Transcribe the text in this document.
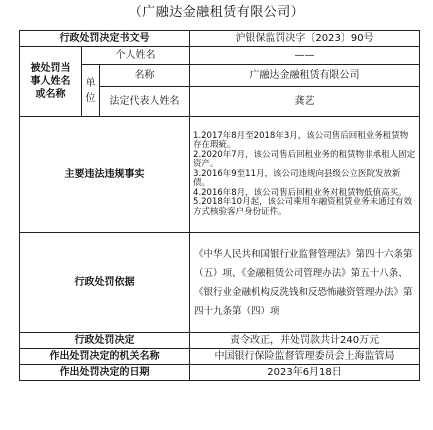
（广融达金融租赁有限公司）
行政处罚决定书文号			沪银保监罚决字〔2023〕90号

被处罚当
事人姓名
或名称	个人姓名		——

	单位	名称	广融达金融租赁有限公司
		法定代表人姓名	龚艺
主要违法违规事实			1.2017年8月至2018年3月，该公司售后回租业务租赁物存在瑕疵。
2.2020年7月，该公司售后回租业务的租赁物非承租人固定资产。
3.2016年9至11月，该公司违规向县级公立医院发放新债。
4.2016年8月，该公司售后回租业务对租赁物低值高买。
5.2018年10月起，该公司乘用车融资租赁业务未通过有效方式核验客户身份证件。

行政处罚依据			《中华人民共和国银行业监督管理法》第四十六条第（五）项、《金融租赁公司管理办法》第五十八条、《银行业金融机构反洗钱和反恐怖融资管理办法》第四十九条第（四）项
行政处罚决定			责令改正，并处罚款共计240万元
作出处罚决定的机关名称			中国银行保险监督管理委员会上海监管局
作出处罚决定的日期			2023年6月18日
